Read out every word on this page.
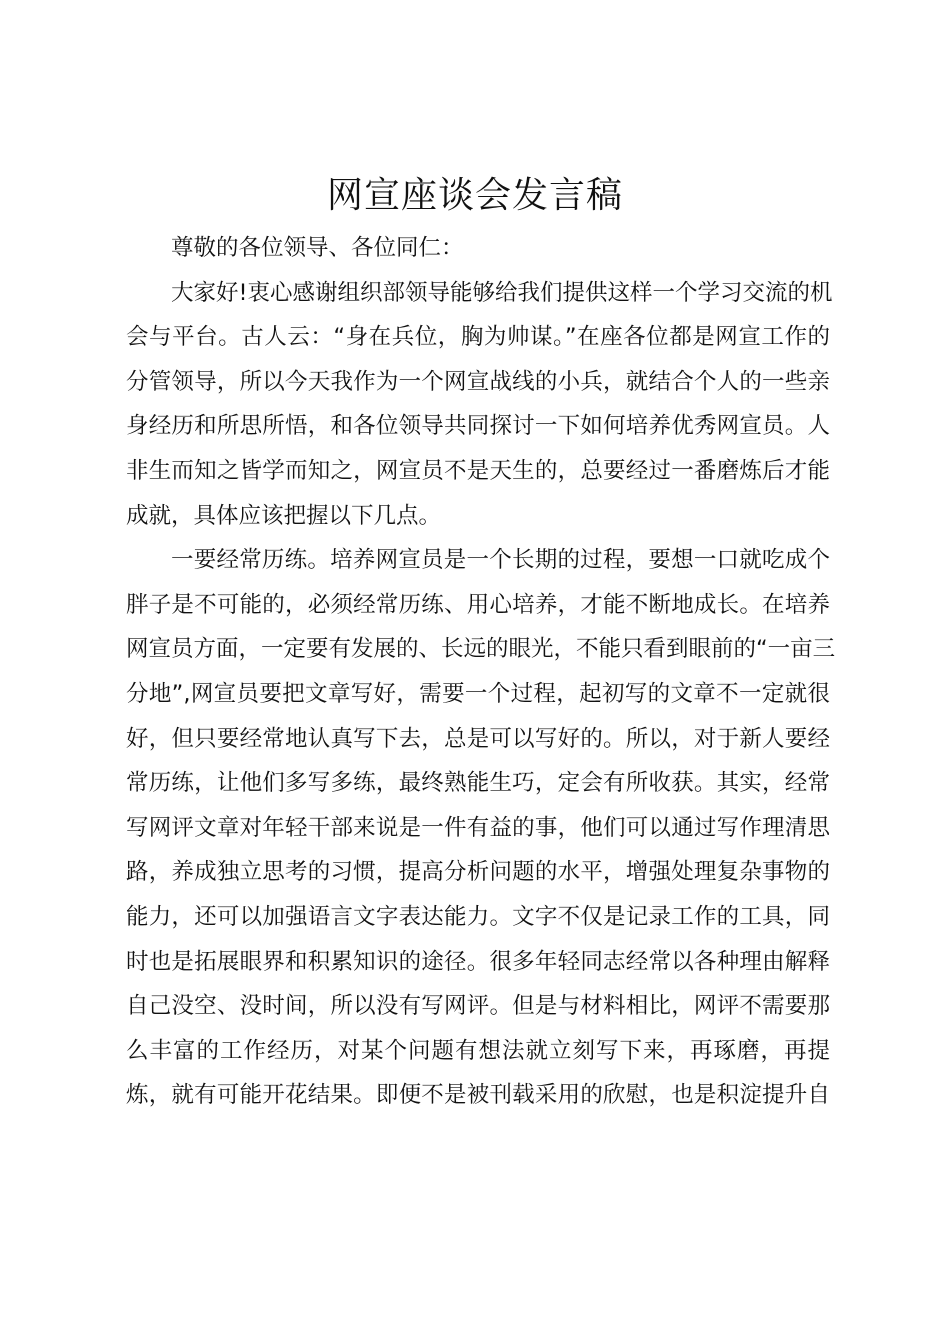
网宣座谈会发言稿
尊敬的各位领导、各位同仁：
大家好!衷心感谢组织部领导能够给我们提供这样一个学习交流的机
会与平台。古人云：“身在兵位，胸为帅谋。”在座各位都是网宣工作的
分管领导，所以今天我作为一个网宣战线的小兵，就结合个人的一些亲
身经历和所思所悟，和各位领导共同探讨一下如何培养优秀网宣员。人
非生而知之皆学而知之，网宣员不是天生的，总要经过一番磨炼后才能
成就，具体应该把握以下几点。
一要经常历练。培养网宣员是一个长期的过程，要想一口就吃成个
胖子是不可能的，必须经常历练、用心培养，才能不断地成长。在培养
网宣员方面，一定要有发展的、长远的眼光，不能只看到眼前的“一亩三
分地”,网宣员要把文章写好，需要一个过程，起初写的文章不一定就很
好，但只要经常地认真写下去，总是可以写好的。所以，对于新人要经
常历练，让他们多写多练，最终熟能生巧，定会有所收获。其实，经常
写网评文章对年轻干部来说是一件有益的事，他们可以通过写作理清思
路，养成独立思考的习惯，提高分析问题的水平，增强处理复杂事物的
能力，还可以加强语言文字表达能力。文字不仅是记录工作的工具，同
时也是拓展眼界和积累知识的途径。很多年轻同志经常以各种理由解释
自己没空、没时间，所以没有写网评。但是与材料相比，网评不需要那
么丰富的工作经历，对某个问题有想法就立刻写下来，再琢磨，再提
炼，就有可能开花结果。即便不是被刊载采用的欣慰，也是积淀提升自
